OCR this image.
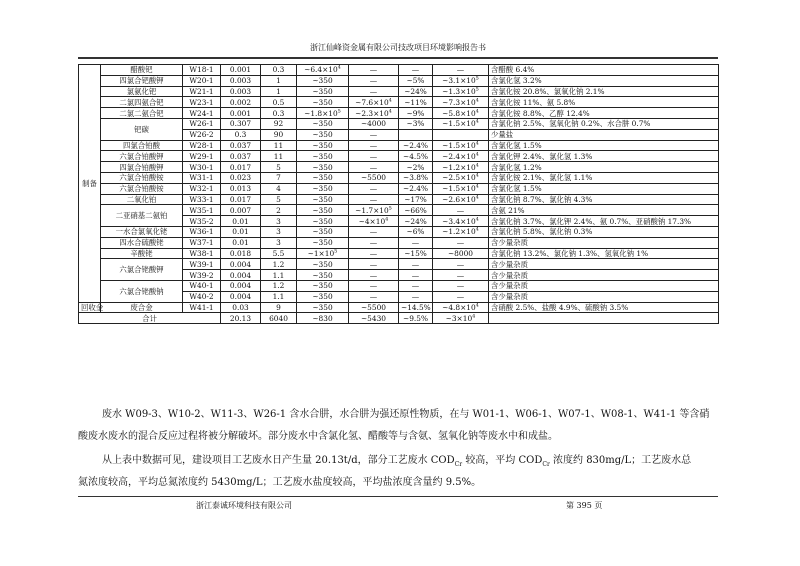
浙江仙峰资金属有限公司技改项目环境影响报告书
制备	醋酸钯	W18-1	0.001	0.3	$\sim 6.4\times 10^4$	—	—	—	含醋酸 6.4%
	四氯合钯酸钾	W20-1	0.003	1	~350	—	~5%	$\sim 3.1\times 10^5$	含氯化氢 3.2%
	氯氨化钯	W21-1	0.003	1	~350	—	~24%	$\sim 1.3\times 10^5$	含氯化铵 20.8%、氯氧化钠 2.1%
	二氯四氨合钯	W23-1	0.002	0.5	~350	$\sim 7.6\times 10^4$	~11%	$\sim 7.3\times 10^4$	含氯化铵 11%、氨 5.8%
	二氯二氨合钯	W24-1	0.001	0.3	$\sim 1.8\times 10^5$	$\sim 2.3\times 10^4$	~9%	$\sim 5.8\times 10^4$	含氯化铵 8.8%、乙醇 12.4%
	钯碳	W26-1	0.307	92	~350	~4000	~3%	$\sim 1.5\times 10^4$	含氯化钠 2.5%、氢氧化钠 0.2%、水合肼 0.7%
		W26-2	0.3	90	~350	—			少量盐
	四氯合铂酸	W28-1	0.037	11	~350	—	~2.4%	$\sim 1.5\times 10^4$	含氯化氢 1.5%
	六氯合铂酸钾	W29-1	0.037	11	~350	—	~4.5%	$\sim 2.4\times 10^4$	含氯化钾 2.4%、氯化氢 1.3%
	四氯合铂酸钾	W30-1	0.017	5	~350	—	~2%	$\sim 1.2\times 10^4$	含氯化氢 1.2%
	六氯合铂酸铵	W31-1	0.023	7	~350	~5500	~3.8%	$\sim 2.5\times 10^4$	含氯化铵 2.1%、氯化氢 1.1%
	六氯合铂酸铵	W32-1	0.013	4	~350	—	~2.4%	$\sim 1.5\times 10^4$	含氯化氢 1.5%
	二氧化铂	W33-1	0.017	5	~350	—	~17%	$\sim 2.6\times 10^4$	含氯化钠 8.7%、氯化钠 4.3%
	二亚硝基二氨铂	W35-1	0.007	2	~350	$\sim 1.7\times 10^5$	~66%	—	含氨 21%
		W35-2	0.01	3	~350	$\sim 4\times 10^4$	~24%	$\sim 3.4\times 10^4$	含氯化钠 3.7%、氯化钾 2.4%、氨 0.7%、亚硝酸钠 17.3%
	一水合氯氧化铑	W36-1	0.01	3	~350	—	~6%	$\sim 1.2\times 10^4$	含氯化钠 5.8%、氯化钠 0.3%
	四水合硫酸铑	W37-1	0.01	3	~350	—	—	—	含少量杂质
	辛酸铑	W38-1	0.018	5.5	$\sim 1\times 10^5$	—	~15%	~8000	含氯化钠 13.2%、氯化钠 1.3%、氢氧化钠 1%
	六氯合铑酸钾	W39-1	0.004	1.2	~350	—	—	—	含少量杂质
		W39-2	0.004	1.1	~350	—	—	—	含少量杂质
	六氯合铑酸钠	W40-1	0.004	1.2	~350	—	—	—	含少量杂质
		W40-2	0.004	1.1	~350	—	—	—	含少量杂质
回收金	废合金	W41-1	0.03	9	~350	~5500	~14.5%	$\sim 4.8\times 10^4$	含硝酸 2.5%、盐酸 4.9%、硫酸钠 3.5%
合计			20.13	6040	~830	~5430	~9.5%	$\sim 3\times 10^4$	
废水 W09-3、W10-2、W11-3、W26-1 含水合肼，水合肼为强还原性物质，在与 W01-1、W06-1、W07-1、W08-1、W41-1 等含硝
酸废水废水的混合反应过程将被分解破坏。部分废水中含氯化氢、醋酸等与含氨、氢氧化钠等废水中和成盐。
从上表中数据可见，建设项目工艺废水日产生量 20.13t/d，部分工艺废水 $COD_{Cr}$ 较高，平均 $COD_{Cr}$ 浓度约 830mg/L；工艺废水总
氮浓度较高，平均总氮浓度约 5430mg/L；工艺废水盐度较高，平均盐浓度含量约 9.5%。
浙江泰诚环境科技有限公司	第 395 页
